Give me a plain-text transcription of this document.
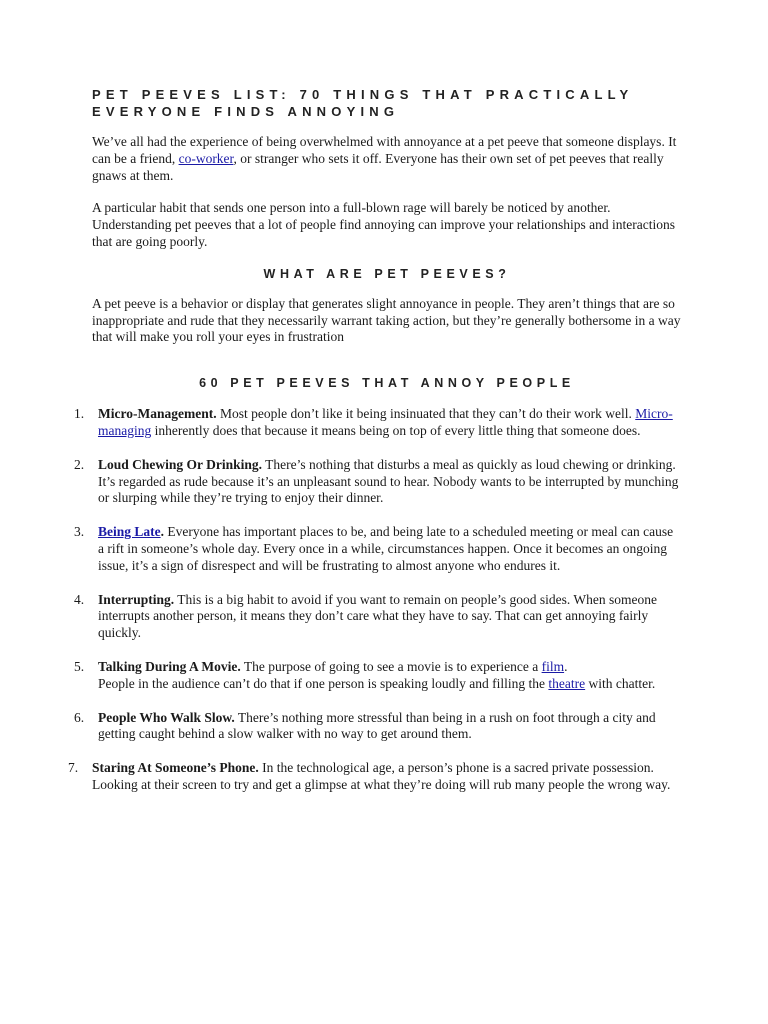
PET PEEVES LIST: 70 THINGS THAT PRACTICALLY EVERYONE FINDS ANNOYING

We’ve all had the experience of being overwhelmed with annoyance at a pet peeve that someone displays. It can be a friend, co-worker, or stranger who sets it off. Everyone has their own set of pet peeves that really gnaws at them.

A particular habit that sends one person into a full-blown rage will barely be noticed by another. Understanding pet peeves that a lot of people find annoying can improve your relationships and interactions that are going poorly.

WHAT ARE PET PEEVES?

A pet peeve is a behavior or display that generates slight annoyance in people. They aren’t things that are so inappropriate and rude that they necessarily warrant taking action, but they’re generally bothersome in a way that will make you roll your eyes in frustration

60 PET PEEVES THAT ANNOY PEOPLE
1. Micro-Management. Most people don’t like it being insinuated that they can’t do their work well. Micro-managing inherently does that because it means being on top of every little thing that someone does.
2. Loud Chewing Or Drinking. There’s nothing that disturbs a meal as quickly as loud chewing or drinking. It’s regarded as rude because it’s an unpleasant sound to hear. Nobody wants to be interrupted by munching or slurping while they’re trying to enjoy their dinner.
3. Being Late. Everyone has important places to be, and being late to a scheduled meeting or meal can cause a rift in someone’s whole day. Every once in a while, circumstances happen. Once it becomes an ongoing issue, it’s a sign of disrespect and will be frustrating to almost anyone who endures it.
4. Interrupting. This is a big habit to avoid if you want to remain on people’s good sides. When someone interrupts another person, it means they don’t care what they have to say. That can get annoying fairly quickly.
5. Talking During A Movie. The purpose of going to see a movie is to experience a film.
People in the audience can’t do that if one person is speaking loudly and filling the theatre with chatter.
6. People Who Walk Slow. There’s nothing more stressful than being in a rush on foot through a city and getting caught behind a slow walker with no way to get around them.
7. Staring At Someone’s Phone. In the technological age, a person’s phone is a sacred private possession. Looking at their screen to try and get a glimpse at what they’re doing will rub many people the wrong way.
